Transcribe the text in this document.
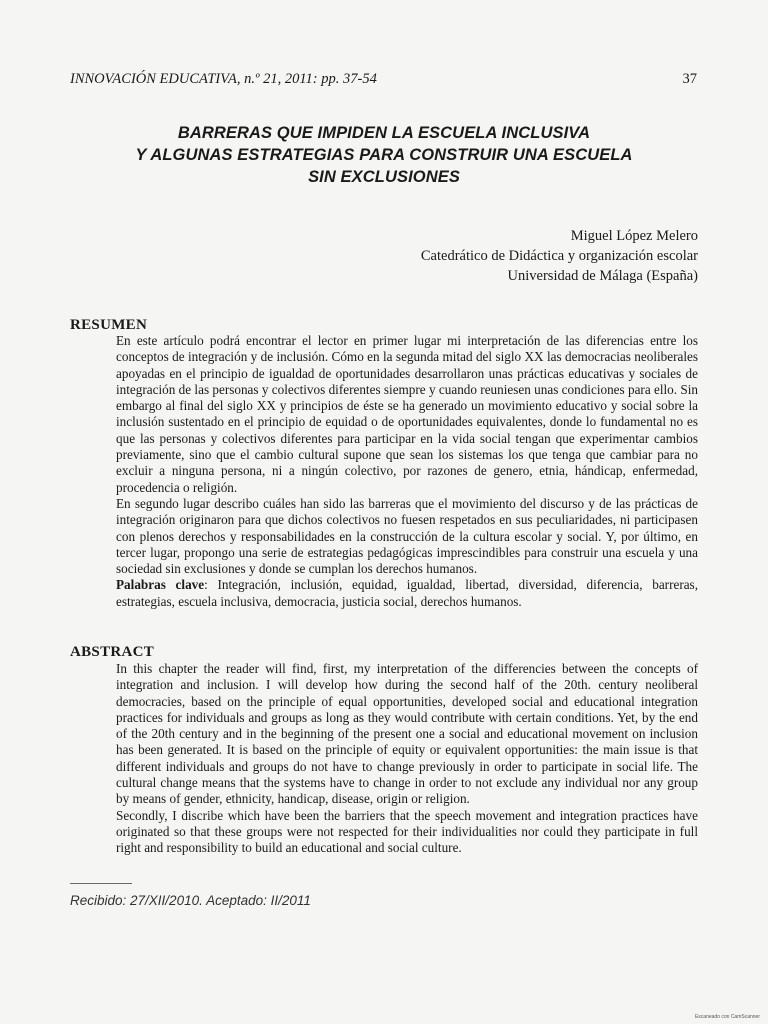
INNOVACIÓN EDUCATIVA, n.º 21, 2011: pp. 37-54	37
BARRERAS QUE IMPIDEN LA ESCUELA INCLUSIVA
Y ALGUNAS ESTRATEGIAS PARA CONSTRUIR UNA ESCUELA
SIN EXCLUSIONES
Miguel López Melero
Catedrático de Didáctica y organización escolar
Universidad de Málaga (España)
RESUMEN

En este artículo podrá encontrar el lector en primer lugar mi interpretación de las diferencias entre los conceptos de integración y de inclusión. Cómo en la segunda mitad del siglo XX las democracias neoliberales apoyadas en el principio de igualdad de oportunidades desarrollaron unas prácticas educativas y sociales de integración de las personas y colectivos diferentes siempre y cuando reuniesen unas condiciones para ello. Sin embargo al final del siglo XX y principios de éste se ha generado un movimiento educativo y social sobre la inclusión sustentado en el principio de equidad o de oportunidades equivalentes, donde lo fundamental no es que las personas y colectivos diferentes para participar en la vida social tengan que experimentar cambios previamente, sino que el cambio cultural supone que sean los sistemas los que tenga que cambiar para no excluir a ninguna persona, ni a ningún colectivo, por razones de genero, etnia, hándicap, enfermedad, procedencia o religión.

En segundo lugar describo cuáles han sido las barreras que el movimiento del discurso y de las prácticas de integración originaron para que dichos colectivos no fuesen respetados en sus peculiaridades, ni participasen con plenos derechos y responsabilidades en la construcción de la cultura escolar y social. Y, por último, en tercer lugar, propongo una serie de estrategias pedagógicas imprescindibles para construir una escuela y una sociedad sin exclusiones y donde se cumplan los derechos humanos.

Palabras clave: Integración, inclusión, equidad, igualdad, libertad, diversidad, diferencia, barreras, estrategias, escuela inclusiva, democracia, justicia social, derechos humanos.

ABSTRACT

In this chapter the reader will find, first, my interpretation of the differencies between the concepts of integration and inclusion. I will develop how during the second half of the 20th. century neoliberal democracies, based on the principle of equal opportunities, developed social and educational integration practices for individuals and groups as long as they would contribute with certain conditions. Yet, by the end of the 20th century and in the beginning of the present one a social and educational movement on inclusion has been generated. It is based on the principle of equity or equivalent opportunities: the main issue is that different individuals and groups do not have to change previously in order to participate in social life. The cultural change means that the systems have to change in order to not exclude any individual nor any group by means of gender, ethnicity, handicap, disease, origin or religion.

Secondly, I discribe which have been the barriers that the speech movement and integration practices have originated so that these groups were not respected for their individualities nor could they participate in full right and responsibility to build an educational and social culture.

Recibido: 27/XII/2010. Aceptado: II/2011
Escaneado con CamScanner
